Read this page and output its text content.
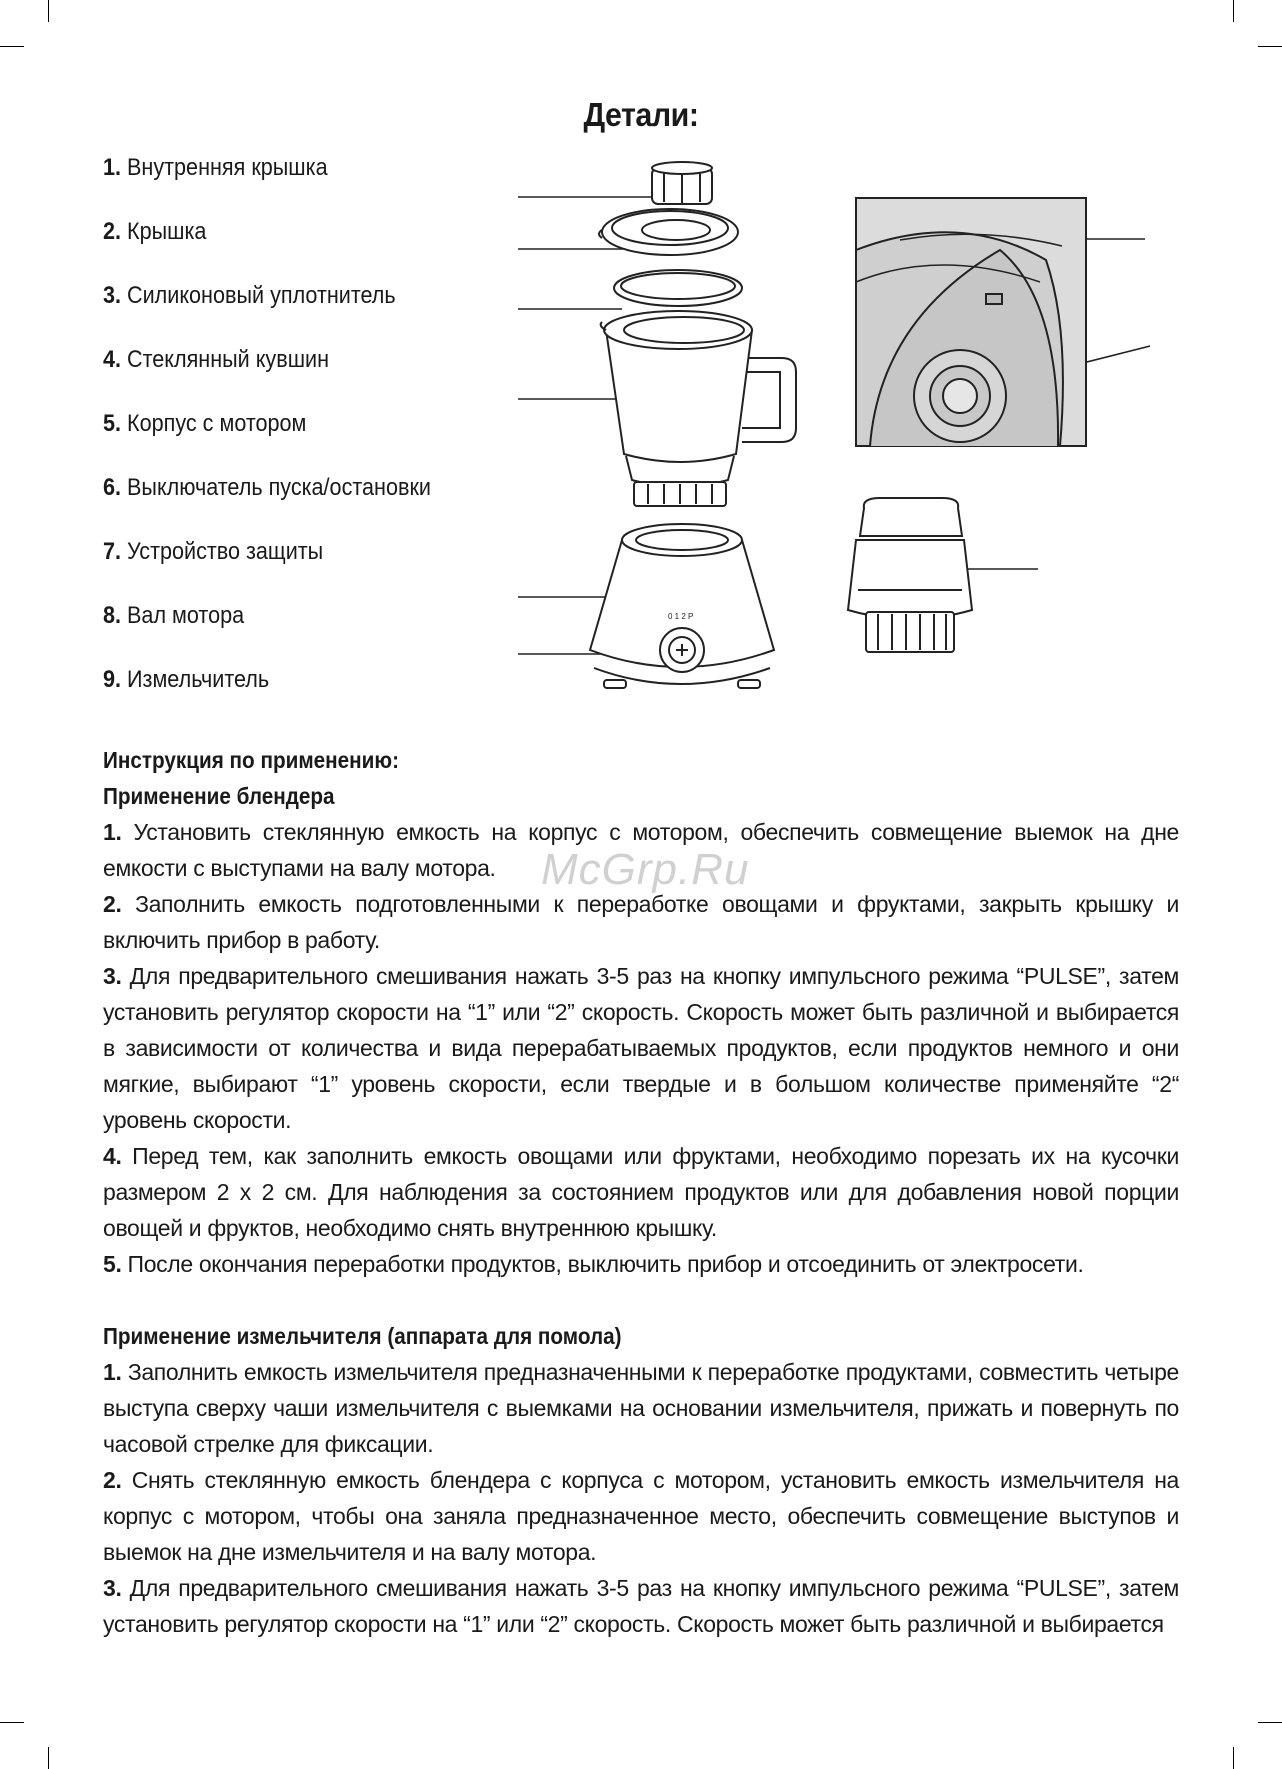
Детали:
1. Внутренняя крышка
2. Крышка
3. Силиконовый уплотнитель
4. Стеклянный кувшин
5. Корпус с мотором
6. Выключатель пуска/остановки
7. Устройство защиты
8. Вал мотора
9. Измельчитель
0 1 2 P
Инструкция по применению:
Применение блендера

1. Установить стеклянную емкость на корпус с мотором, обеспечить совмещение выемок на дне емкости с выступами на валу мотора.

2. Заполнить емкость подготовленными к переработке овощами и фруктами, закрыть крышку и включить прибор в работу.

3. Для предварительного смешивания нажать 3-5 раз на кнопку импульсного режима “PULSE”, затем установить регулятор скорости на “1” или “2” скорость. Скорость может быть различной и выбирается в зависимости от количества и вида перерабатываемых продуктов, если продуктов немного и они мягкие, выбирают “1” уровень скорости, если твердые и в большом количестве применяйте “2“ уровень скорости.

4. Перед тем, как заполнить емкость овощами или фруктами, необходимо порезать их на кусочки размером 2 х 2 см. Для наблюдения за состоянием продуктов или для добавления новой порции овощей и фруктов, необходимо снять внутреннюю крышку.

5. После окончания переработки продуктов, выключить прибор и отсоединить от электросети.

Применение измельчителя (аппарата для помола)

1. Заполнить емкость измельчителя предназначенными к переработке продуктами, совместить четыре выступа сверху чаши измельчителя с выемками на основании измельчителя, прижать и повернуть по часовой стрелке для фиксации.

2. Снять стеклянную емкость блендера с корпуса с мотором, установить емкость измельчителя на корпус с мотором, чтобы она заняла предназначенное место, обеспечить совмещение выступов и выемок на дне измельчителя и на валу мотора.

3. Для предварительного смешивания нажать 3-5 раз на кнопку импульсного режима “PULSE”, затем установить регулятор скорости на “1” или “2” скорость. Скорость может быть различной и выбирается

McGrp.Ru
